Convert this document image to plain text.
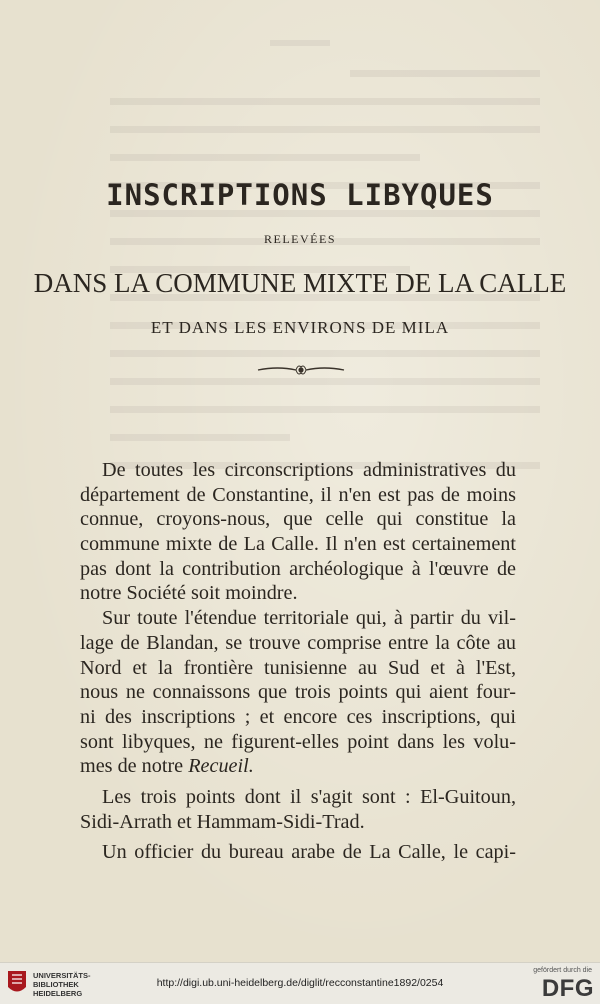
INSCRIPTIONS LIBYQUES
RELEVÉES
DANS LA COMMUNE MIXTE DE LA CALLE
ET DANS LES ENVIRONS DE MILA
De toutes les circonscriptions administratives du
département de Constantine, il n'en est pas de moins
connue, croyons-nous, que celle qui constitue la
commune mixte de La Calle. Il n'en est certainement
pas dont la contribution archéologique à l'œuvre de
notre Société soit moindre.
Sur toute l'étendue territoriale qui, à partir du vil-
lage de Blandan, se trouve comprise entre la côte au
Nord et la frontière tunisienne au Sud et à l'Est,
nous ne connaissons que trois points qui aient four-
ni des inscriptions ; et encore ces inscriptions, qui
sont libyques, ne figurent-elles point dans les volu-
mes de notre Recueil.
Les trois points dont il s'agit sont : El-Guitoun,
Sidi-Arrath et Hammam-Sidi-Trad.
Un officier du bureau arabe de La Calle, le capi-
UNIVERSITÄTS-
BIBLIOTHEK
HEIDELBERG
http://digi.ub.uni-heidelberg.de/diglit/recconstantine1892/0254
gefördert durch die
DFG
